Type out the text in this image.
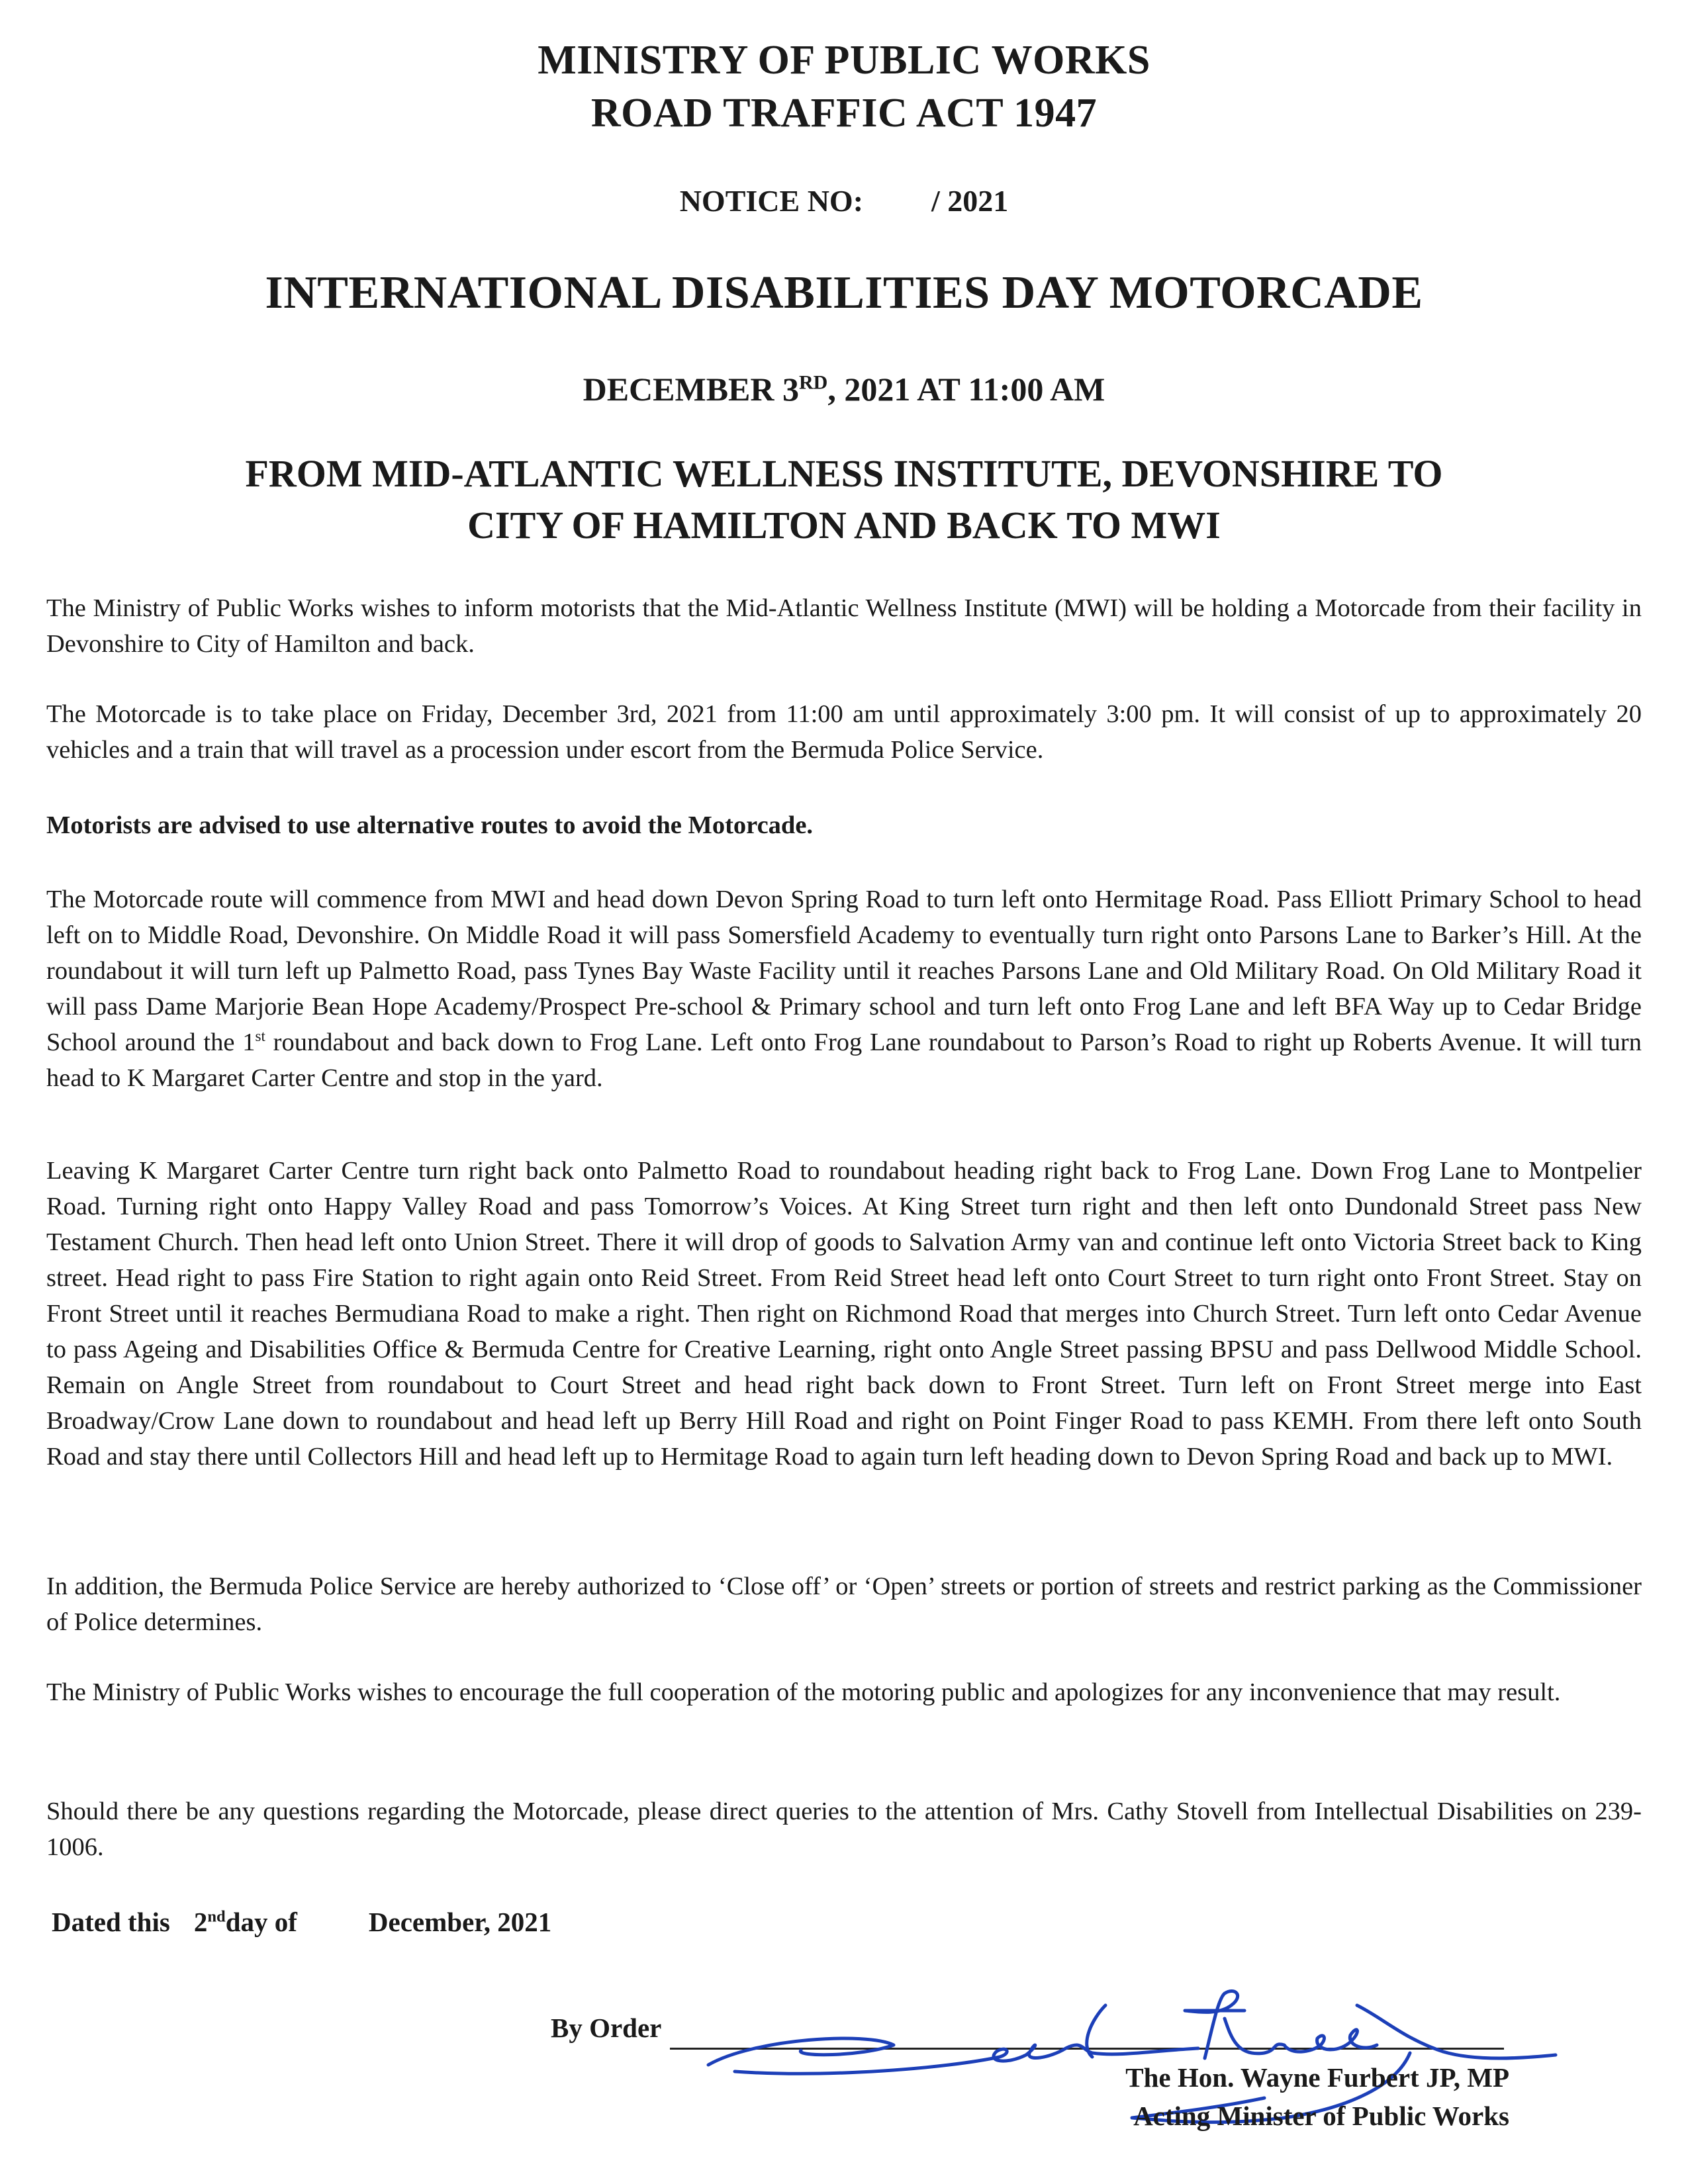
MINISTRY OF PUBLIC WORKS
ROAD TRAFFIC ACT 1947
NOTICE NO: / 2021
INTERNATIONAL DISABILITIES DAY MOTORCADE
DECEMBER 3RD, 2021 AT 11:00 AM
FROM MID-ATLANTIC WELLNESS INSTITUTE, DEVONSHIRE TO
CITY OF HAMILTON AND BACK TO MWI
The Ministry of Public Works wishes to inform motorists that the Mid-Atlantic Wellness Institute (MWI) will be holding a Motorcade from their facility in Devonshire to City of Hamilton and back.
The Motorcade is to take place on Friday, December 3rd, 2021 from 11:00 am until approximately 3:00 pm. It will consist of up to approximately 20 vehicles and a train that will travel as a procession under escort from the Bermuda Police Service.
Motorists are advised to use alternative routes to avoid the Motorcade.
The Motorcade route will commence from MWI and head down Devon Spring Road to turn left onto Hermitage Road. Pass Elliott Primary School to head left on to Middle Road, Devonshire. On Middle Road it will pass Somersfield Academy to eventually turn right onto Parsons Lane to Barker’s Hill. At the roundabout it will turn left up Palmetto Road, pass Tynes Bay Waste Facility until it reaches Parsons Lane and Old Military Road. On Old Military Road it will pass Dame Marjorie Bean Hope Academy/Prospect Pre-school & Primary school and turn left onto Frog Lane and left BFA Way up to Cedar Bridge School around the 1st roundabout and back down to Frog Lane. Left onto Frog Lane roundabout to Parson’s Road to right up Roberts Avenue. It will turn head to K Margaret Carter Centre and stop in the yard.
Leaving K Margaret Carter Centre turn right back onto Palmetto Road to roundabout heading right back to Frog Lane. Down Frog Lane to Montpelier Road. Turning right onto Happy Valley Road and pass Tomorrow’s Voices. At King Street turn right and then left onto Dundonald Street pass New Testament Church. Then head left onto Union Street. There it will drop of goods to Salvation Army van and continue left onto Victoria Street back to King street. Head right to pass Fire Station to right again onto Reid Street. From Reid Street head left onto Court Street to turn right onto Front Street. Stay on Front Street until it reaches Bermudiana Road to make a right. Then right on Richmond Road that merges into Church Street. Turn left onto Cedar Avenue to pass Ageing and Disabilities Office & Bermuda Centre for Creative Learning, right onto Angle Street passing BPSU and pass Dellwood Middle School. Remain on Angle Street from roundabout to Court Street and head right back down to Front Street. Turn left on Front Street merge into East Broadway/Crow Lane down to roundabout and head left up Berry Hill Road and right on Point Finger Road to pass KEMH. From there left onto South Road and stay there until Collectors Hill and head left up to Hermitage Road to again turn left heading down to Devon Spring Road and back up to MWI.
In addition, the Bermuda Police Service are hereby authorized to ‘Close off’ or ‘Open’ streets or portion of streets and restrict parking as the Commissioner of Police determines.
The Ministry of Public Works wishes to encourage the full cooperation of the motoring public and apologizes for any inconvenience that may result.
Should there be any questions regarding the Motorcade, please direct queries to the attention of Mrs. Cathy Stovell from Intellectual Disabilities on 239-1006.
Dated this 2ndday of	December, 2021
By Order
The Hon. Wayne Furbert JP, MP
Acting Minister of Public Works
